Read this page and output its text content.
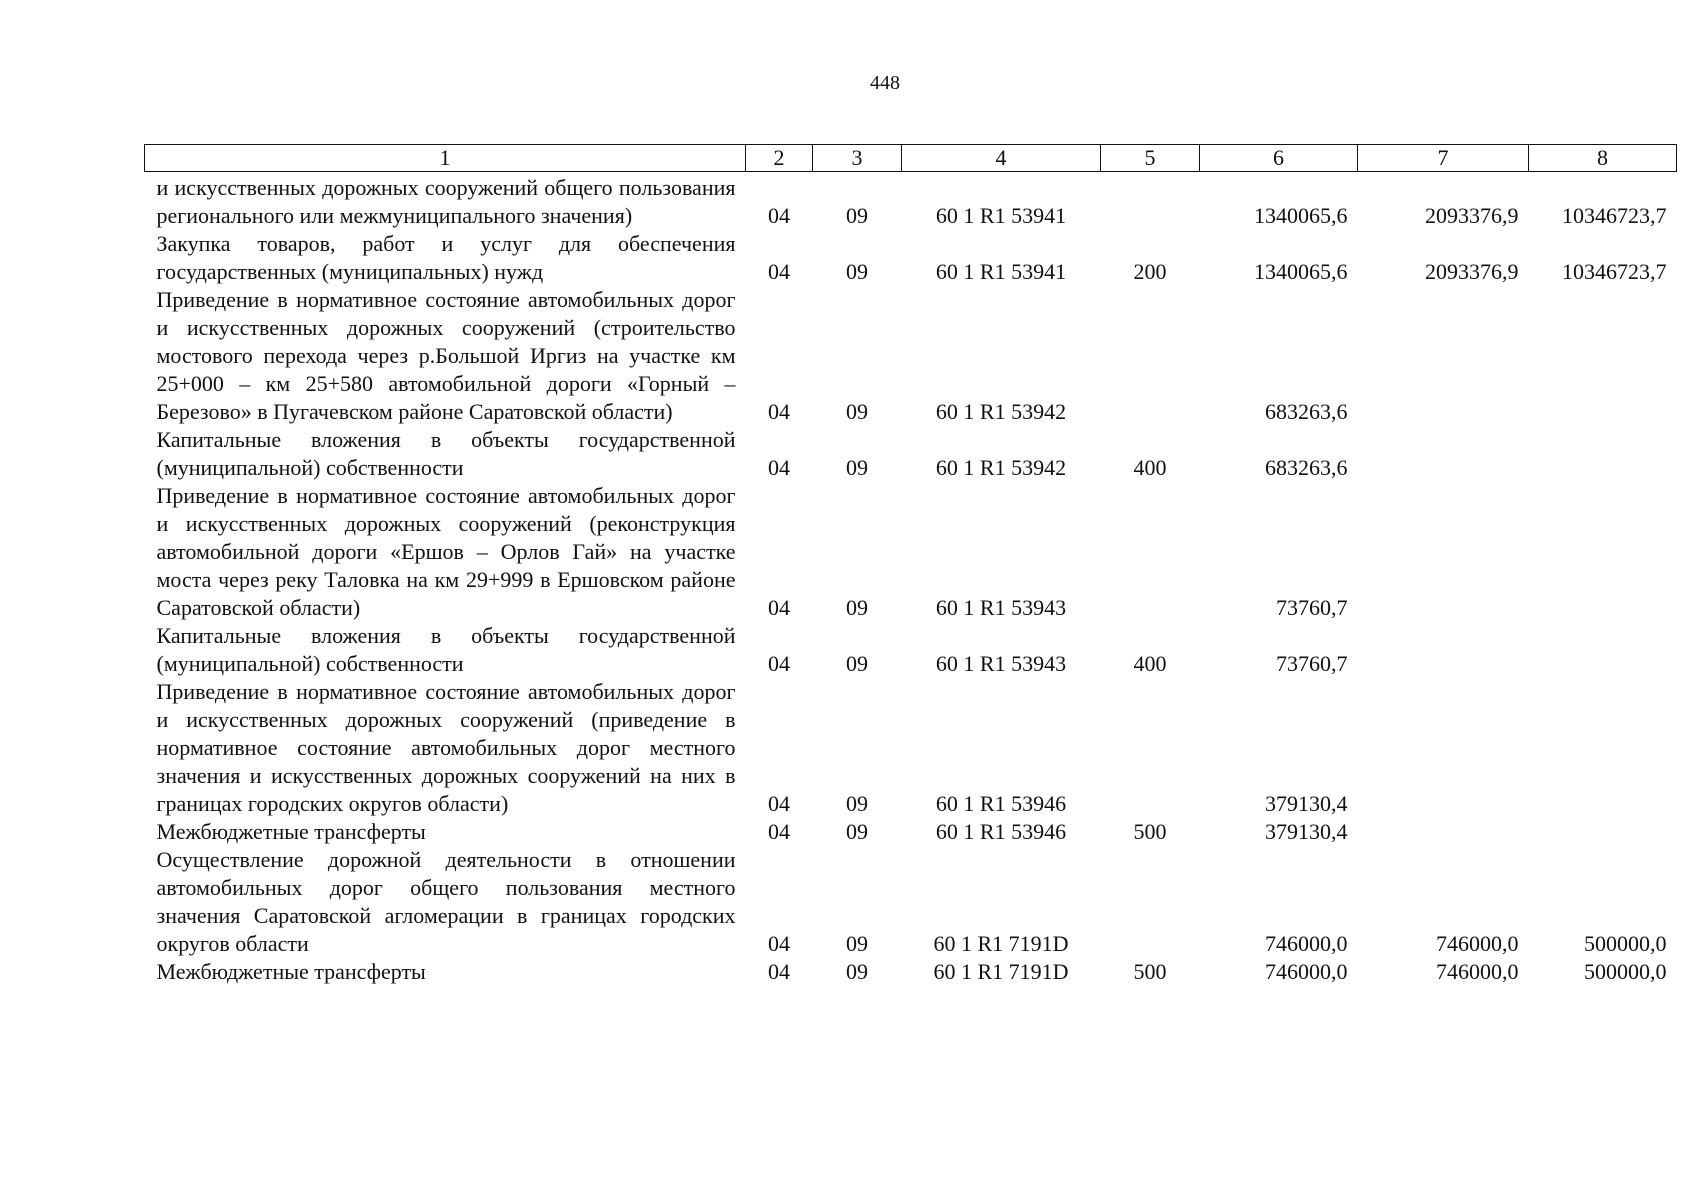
448
1	2	3	4	5	6	7	8
и искусственных дорожных сооружений общего пользования регионального или межмуниципального значения)	04	09	60 1 R1 53941		1340065,6	2093376,9	10346723,7
Закупка товаров, работ и услуг для обеспечения государственных (муниципальных) нужд	04	09	60 1 R1 53941	200	1340065,6	2093376,9	10346723,7
Приведение в нормативное состояние автомобильных дорог и искусственных дорожных сооружений (строительство мостового перехода через р.Большой Иргиз на участке км 25+000 – км 25+580 автомобильной дороги «Горный – Березово» в Пугачевском районе Саратовской области)	04	09	60 1 R1 53942		683263,6		
Капитальные вложения в объекты государственной (муниципальной) собственности	04	09	60 1 R1 53942	400	683263,6		
Приведение в нормативное состояние автомобильных дорог и искусственных дорожных сооружений (реконструкция автомобильной дороги «Ершов – Орлов Гай» на участке моста через реку Таловка на км 29+999 в Ершовском районе Саратовской области)	04	09	60 1 R1 53943		73760,7		
Капитальные вложения в объекты государственной (муниципальной) собственности	04	09	60 1 R1 53943	400	73760,7		
Приведение в нормативное состояние автомобильных дорог и искусственных дорожных сооружений (приведение в нормативное состояние автомобильных дорог местного значения и искусственных дорожных сооружений на них в границах городских округов области)	04	09	60 1 R1 53946		379130,4		
Межбюджетные трансферты	04	09	60 1 R1 53946	500	379130,4		
Осуществление дорожной деятельности в отношении автомобильных дорог общего пользования местного значения Саратовской агломерации в границах городских округов области	04	09	60 1 R1 7191D		746000,0	746000,0	500000,0
Межбюджетные трансферты	04	09	60 1 R1 7191D	500	746000,0	746000,0	500000,0
